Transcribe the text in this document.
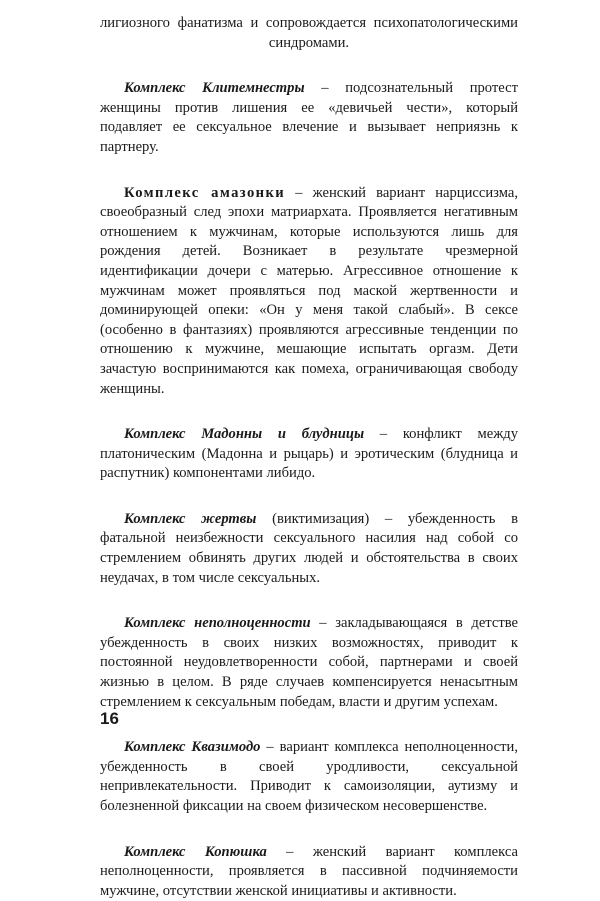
лигиозного фанатизма и сопровождается психопатологическими синдромами.

Комплекс Клитемнестры – подсознательный протест женщины против лишения ее «девичьей чести», который подавляет ее сексуальное влечение и вызывает неприязнь к партнеру.

Комплекс амазонки – женский вариант нарциссизма, своеобразный след эпохи матриархата. Проявляется негативным отношением к мужчинам, которые используются лишь для рождения детей. Возникает в результате чрезмерной идентификации дочери с матерью. Агрессивное отношение к мужчинам может проявляться под маской жертвенности и доминирующей опеки: «Он у меня такой слабый». В сексе (особенно в фантазиях) проявляются агрессивные тенденции по отношению к мужчине, мешающие испытать оргазм. Дети зачастую воспринимаются как помеха, ограничивающая свободу женщины.

Комплекс Мадонны и блудницы – конфликт между платоническим (Мадонна и рыцарь) и эротическим (блудница и распутник) компонентами либидо.

Комплекс жертвы (виктимизация) – убежденность в фатальной неизбежности сексуального насилия над собой со стремлением обвинять других людей и обстоятельства в своих неудачах, в том числе сексуальных.

Комплекс неполноценности – закладывающаяся в детстве убежденность в своих низких возможностях, приводит к постоянной неудовлетворенности собой, партнерами и своей жизнью в целом. В ряде случаев компенсируется ненасытным стремлением к сексуальным победам, власти и другим успехам.

Комплекс Квазимодо – вариант комплекса неполноценности, убежденность в своей уродливости, сексуальной непривлекательности. Приводит к самоизоляции, аутизму и болезненной фиксации на своем физическом несовершенстве.

Комплекс Копюшка – женский вариант комплекса неполноценности, проявляется в пассивной подчиняемости мужчине, отсутствии женской инициативы и активности.

16
